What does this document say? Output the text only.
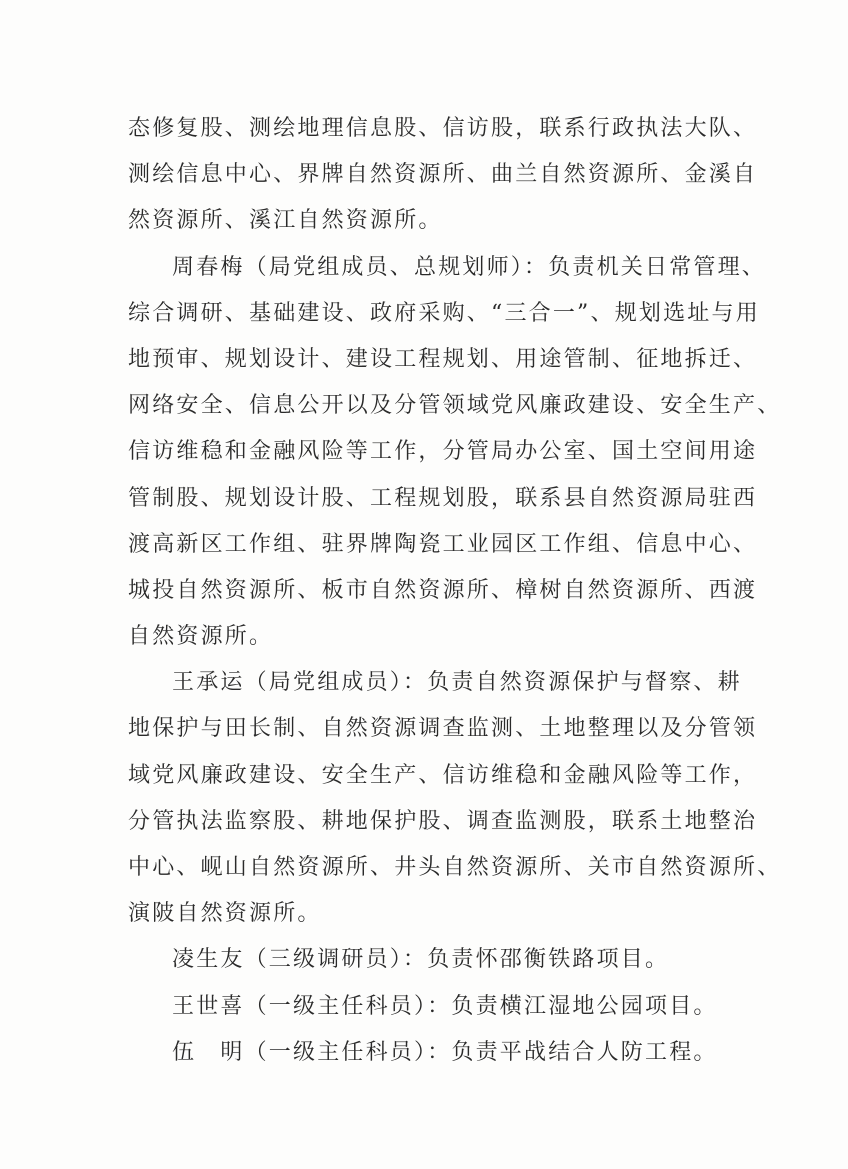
态修复股、测绘地理信息股、信访股，联系行政执法大队、
测绘信息中心、界牌自然资源所、曲兰自然资源所、金溪自
然资源所、溪江自然资源所。
周春梅（局党组成员、总规划师）：负责机关日常管理、
综合调研、基础建设、政府采购、“三合一”、规划选址与用
地预审、规划设计、建设工程规划、用途管制、征地拆迁、
网络安全、信息公开以及分管领域党风廉政建设、安全生产、
信访维稳和金融风险等工作，分管局办公室、国土空间用途
管制股、规划设计股、工程规划股，联系县自然资源局驻西
渡高新区工作组、驻界牌陶瓷工业园区工作组、信息中心、
城投自然资源所、板市自然资源所、樟树自然资源所、西渡
自然资源所。
王承运（局党组成员）：负责自然资源保护与督察、耕
地保护与田长制、自然资源调查监测、土地整理以及分管领
域党风廉政建设、安全生产、信访维稳和金融风险等工作，
分管执法监察股、耕地保护股、调查监测股，联系土地整治
中心、岘山自然资源所、井头自然资源所、关市自然资源所、
演陂自然资源所。
凌生友（三级调研员）：负责怀邵衡铁路项目。
王世喜（一级主任科员）：负责横江湿地公园项目。
伍　明（一级主任科员）：负责平战结合人防工程。
